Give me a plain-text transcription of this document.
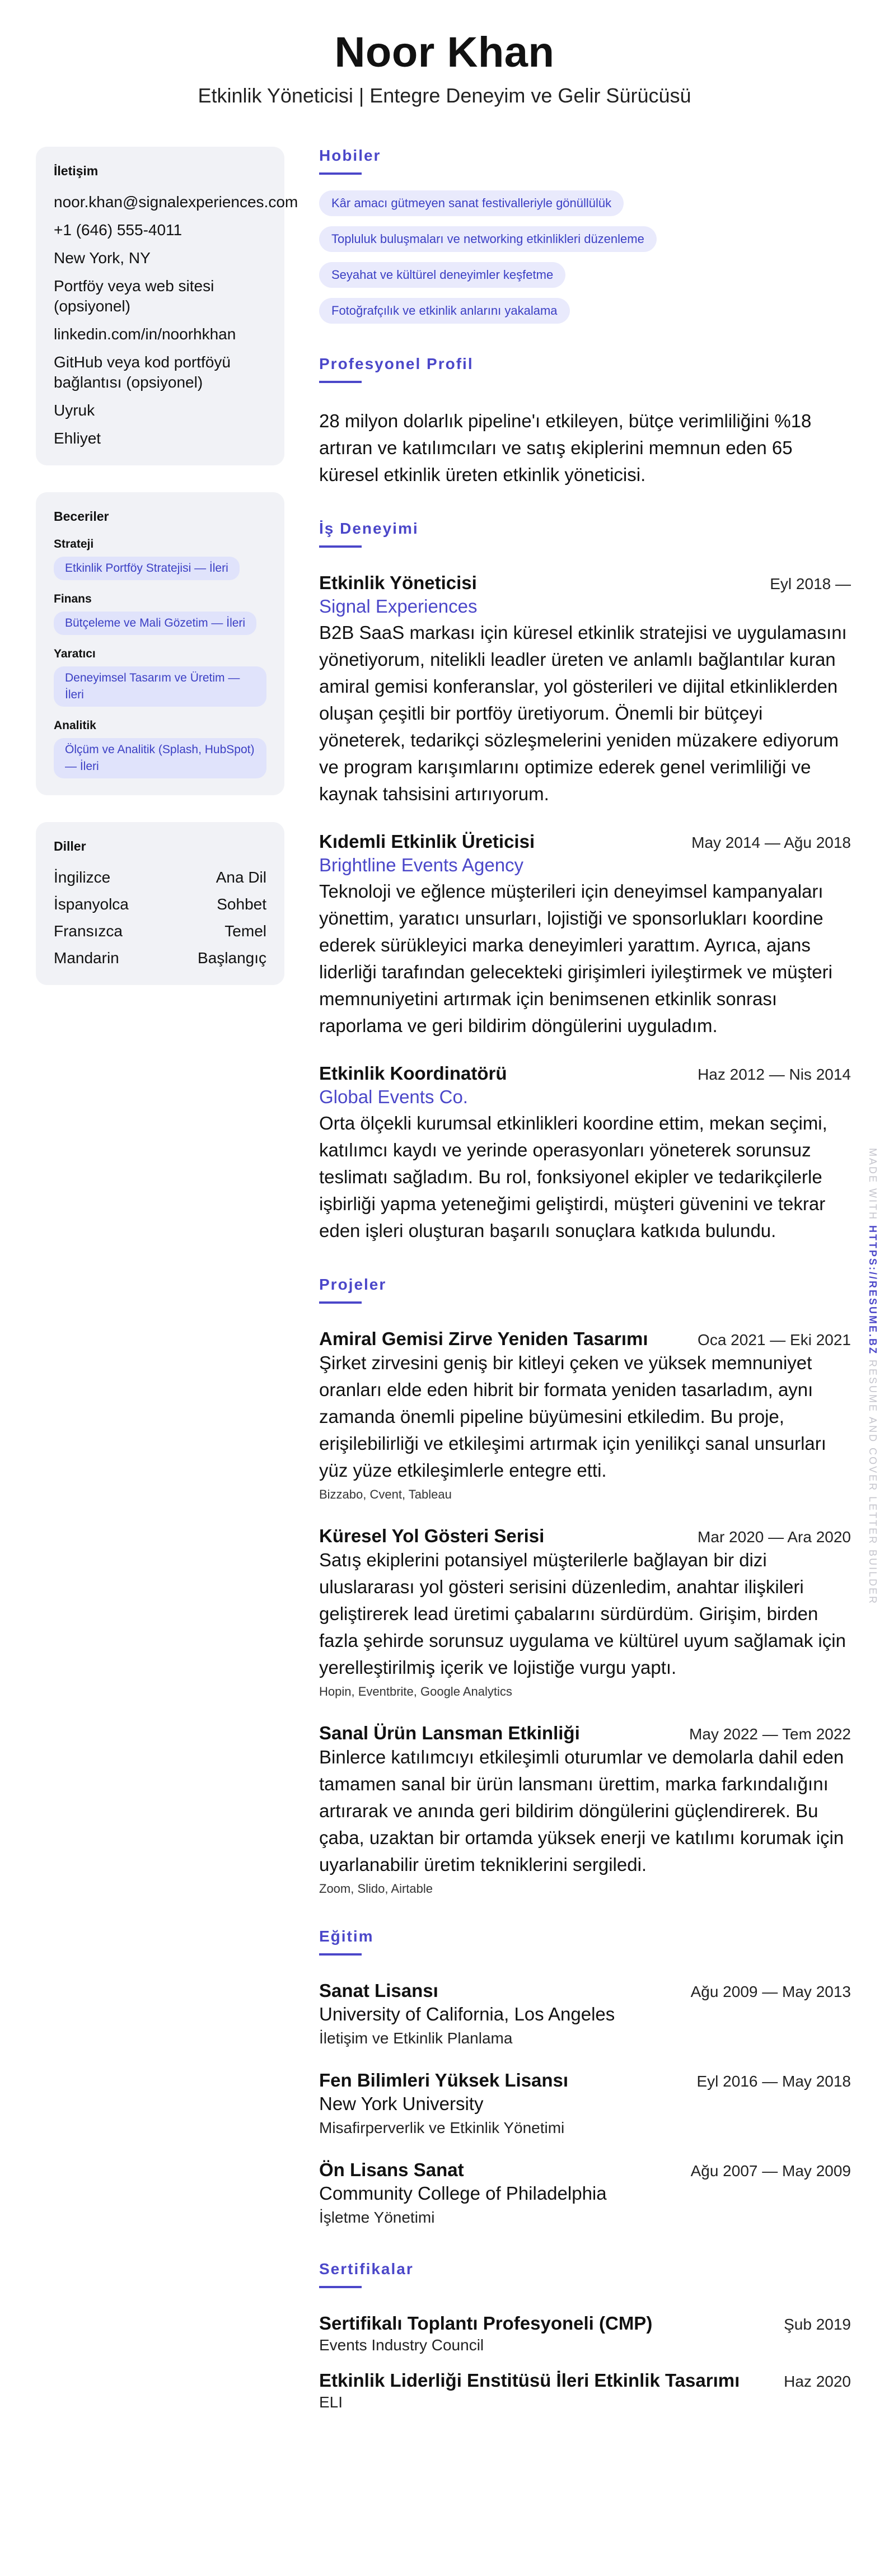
Noor Khan
Etkinlik Yöneticisi | Entegre Deneyim ve Gelir Sürücüsü
İletişim
noor.khan@signalexperiences.com
+1 (646) 555-4011
New York, NY
Portföy veya web sitesi (opsiyonel)
linkedin.com/in/noorhkhan
GitHub veya kod portföyü bağlantısı (opsiyonel)
Uyruk
Ehliyet
Beceriler
Strateji
Etkinlik Portföy Stratejisi — İleri
Finans
Bütçeleme ve Mali Gözetim — İleri
Yaratıcı
Deneyimsel Tasarım ve Üretim — İleri
Analitik
Ölçüm ve Analitik (Splash, HubSpot) — İleri
Diller
İngilizce	Ana Dil
İspanyolca	Sohbet
Fransızca	Temel
Mandarin	Başlangıç
Hobiler
Kâr amacı gütmeyen sanat festivalleriyle gönüllülük
Topluluk buluşmaları ve networking etkinlikleri düzenleme
Seyahat ve kültürel deneyimler keşfetme
Fotoğrafçılık ve etkinlik anlarını yakalama
Profesyonel Profil
28 milyon dolarlık pipeline'ı etkileyen, bütçe verimliliğini %18 artıran ve katılımcıları ve satış ekiplerini memnun eden 65 küresel etkinlik üreten etkinlik yöneticisi.
İş Deneyimi
Etkinlik Yöneticisi	Eyl 2018 —
Signal Experiences
B2B SaaS markası için küresel etkinlik stratejisi ve uygulamasını yönetiyorum, nitelikli leadler üreten ve anlamlı bağlantılar kuran amiral gemisi konferanslar, yol gösterileri ve dijital etkinliklerden oluşan çeşitli bir portföy üretiyorum. Önemli bir bütçeyi yöneterek, tedarikçi sözleşmelerini yeniden müzakere ediyorum ve program karışımlarını optimize ederek genel verimliliği ve kaynak tahsisini artırıyorum.
Kıdemli Etkinlik Üreticisi	May 2014 — Ağu 2018
Brightline Events Agency
Teknoloji ve eğlence müşterileri için deneyimsel kampanyaları yönettim, yaratıcı unsurları, lojistiği ve sponsorlukları koordine ederek sürükleyici marka deneyimleri yarattım. Ayrıca, ajans liderliği tarafından gelecekteki girişimleri iyileştirmek ve müşteri memnuniyetini artırmak için benimsenen etkinlik sonrası raporlama ve geri bildirim döngülerini uyguladım.
Etkinlik Koordinatörü	Haz 2012 — Nis 2014
Global Events Co.
Orta ölçekli kurumsal etkinlikleri koordine ettim, mekan seçimi, katılımcı kaydı ve yerinde operasyonları yöneterek sorunsuz teslimatı sağladım. Bu rol, fonksiyonel ekipler ve tedarikçilerle işbirliği yapma yeteneğimi geliştirdi, müşteri güvenini ve tekrar eden işleri oluşturan başarılı sonuçlara katkıda bulundu.
Projeler
Amiral Gemisi Zirve Yeniden Tasarımı	Oca 2021 — Eki 2021
Şirket zirvesini geniş bir kitleyi çeken ve yüksek memnuniyet oranları elde eden hibrit bir formata yeniden tasarladım, aynı zamanda önemli pipeline büyümesini etkiledim. Bu proje, erişilebilirliği ve etkileşimi artırmak için yenilikçi sanal unsurları yüz yüze etkileşimlerle entegre etti.
Bizzabo, Cvent, Tableau
Küresel Yol Gösteri Serisi	Mar 2020 — Ara 2020
Satış ekiplerini potansiyel müşterilerle bağlayan bir dizi uluslararası yol gösteri serisini düzenledim, anahtar ilişkileri geliştirerek lead üretimi çabalarını sürdürdüm. Girişim, birden fazla şehirde sorunsuz uygulama ve kültürel uyum sağlamak için yerelleştirilmiş içerik ve lojistiğe vurgu yaptı.
Hopin, Eventbrite, Google Analytics
Sanal Ürün Lansman Etkinliği	May 2022 — Tem 2022
Binlerce katılımcıyı etkileşimli oturumlar ve demolarla dahil eden tamamen sanal bir ürün lansmanı ürettim, marka farkındalığını artırarak ve anında geri bildirim döngülerini güçlendirerek. Bu çaba, uzaktan bir ortamda yüksek enerji ve katılımı korumak için uyarlanabilir üretim tekniklerini sergiledi.
Zoom, Slido, Airtable
Eğitim
Sanat Lisansı	Ağu 2009 — May 2013
University of California, Los Angeles
İletişim ve Etkinlik Planlama
Fen Bilimleri Yüksek Lisansı	Eyl 2016 — May 2018
New York University
Misafirperverlik ve Etkinlik Yönetimi
Ön Lisans Sanat	Ağu 2007 — May 2009
Community College of Philadelphia
İşletme Yönetimi
Sertifikalar
Sertifikalı Toplantı Profesyoneli (CMP)	Şub 2019
Events Industry Council
Etkinlik Liderliği Enstitüsü İleri Etkinlik Tasarımı	Haz 2020
ELI
MADE WITH HTTPS://RESUME.BZ RESUME AND COVER LETTER BUILDER
